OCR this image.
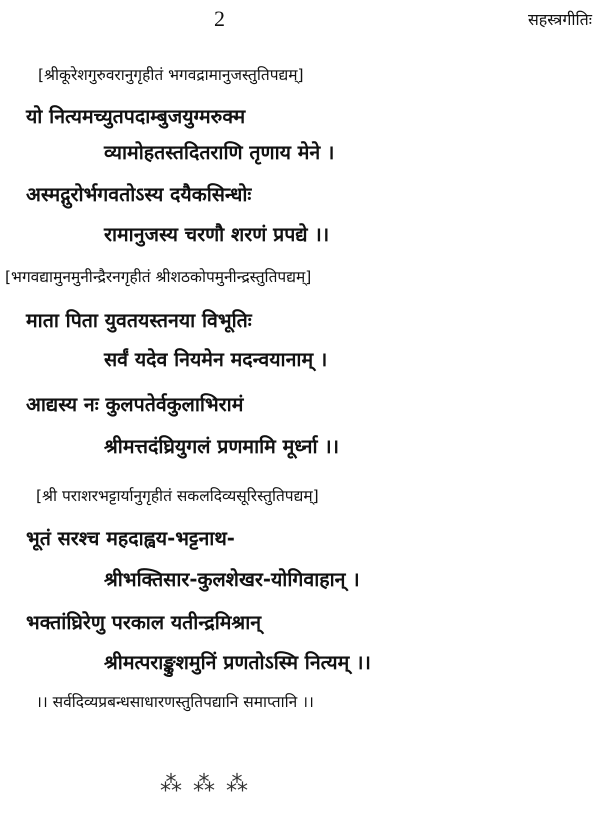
2	सहस्त्रगीतिः
[श्रीकूरेशगुरुवरानुगृहीतं भगवद्रामानुजस्तुतिपद्यम्]
यो नित्यमच्युतपदाम्बुजयुग्मरुक्म
व्यामोहतस्तदितराणि तृणाय मेने ।
अस्मद्गुरोर्भगवतोऽस्य दयैकसिन्धोः
रामानुजस्य चरणौ शरणं प्रपद्ये ।।
[भगवद्यामुनमुनीन्द्रैरनगृहीतं श्रीशठकोपमुनीन्द्रस्तुतिपद्यम्]
माता पिता युवतयस्तनया विभूतिः
सर्वं यदेव नियमेन मदन्वयानाम् ।
आद्यस्य नः कुलपतेर्वकुलाभिरामं
श्रीमत्तदंघ्रियुगलं प्रणमामि मूर्ध्ना ।।
[श्री पराशरभट्टार्यानुगृहीतं सकलदिव्यसूरिस्तुतिपद्यम्]
भूतं सरश्च महदाह्वय-भट्टनाथ-
श्रीभक्तिसार-कुलशेखर-योगिवाहान् ।
भक्तांघ्रिरेणु परकाल यतीन्द्रमिश्रान्
श्रीमत्पराङ्कुशमुनिं प्रणतोऽस्मि नित्यम् ।।
।। सर्वदिव्यप्रबन्धसाधारणस्तुतिपद्यानि समाप्तानि ।।
⁂ ⁂ ⁂
